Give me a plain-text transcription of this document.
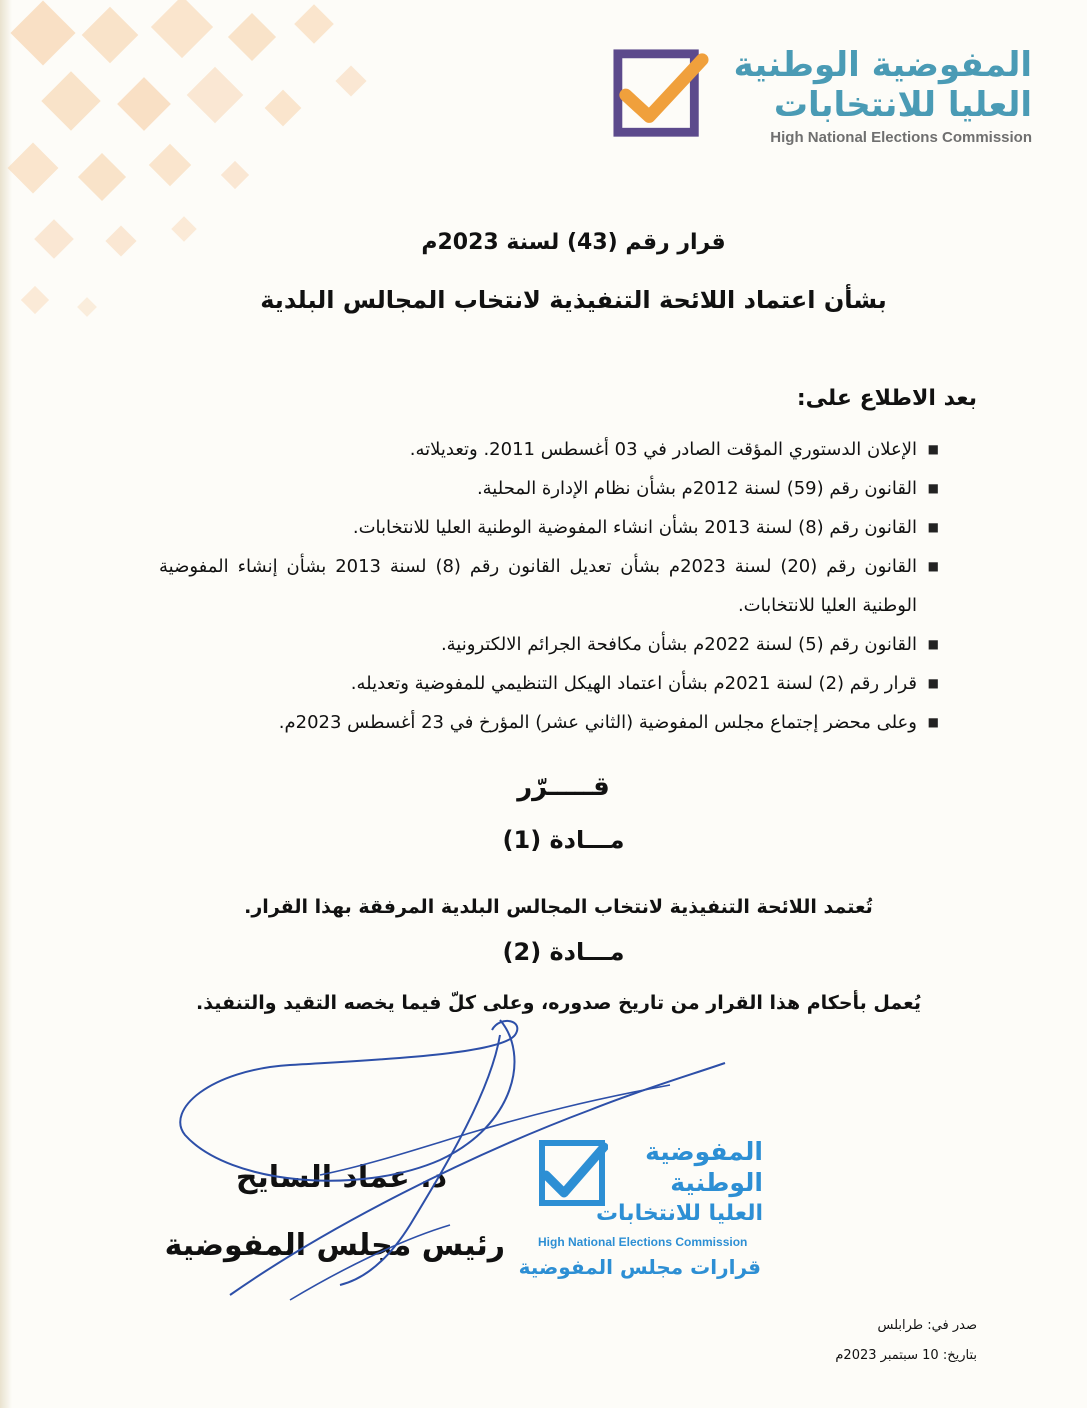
المفوضية الوطنية
العليا للانتخابات
High National Elections Commission
قرار رقم (43) لسنة 2023م
بشأن اعتماد اللائحة التنفيذية لانتخاب المجالس البلدية
بعد الاطلاع على:
■
الإعلان الدستوري المؤقت الصادر في 03 أغسطس 2011. وتعديلاته.
■
القانون رقم (59) لسنة 2012م بشأن نظام الإدارة المحلية.
■
القانون رقم (8) لسنة 2013 بشأن انشاء المفوضية الوطنية العليا للانتخابات.
■
القانون رقم (20) لسنة 2023م بشأن تعديل القانون رقم (8) لسنة 2013 بشأن إنشاء المفوضية الوطنية العليا للانتخابات.
■
القانون رقم (5) لسنة 2022م بشأن مكافحة الجرائم الالكترونية.
■
قرار رقم (2) لسنة 2021م بشأن اعتماد الهيكل التنظيمي للمفوضية وتعديله.
■
وعلى محضر إجتماع مجلس المفوضية (الثاني عشر) المؤرخ في 23 أغسطس 2023م.
قـــــرّر
مـــادة (1)
تُعتمد اللائحة التنفيذية لانتخاب المجالس البلدية المرفقة بهذا القرار.
مـــادة (2)
يُعمل بأحكام هذا القرار من تاريخ صدوره، وعلى كلّ فيما يخصه التقيد والتنفيذ.
المفوضية
الوطنية
العليا للانتخابات
High National Elections Commission
قرارات مجلس المفوضية
د. عماد السايح
رئيس مجلس المفوضية
صدر في: طرابلس
بتاريخ: 10 سبتمبر 2023م
